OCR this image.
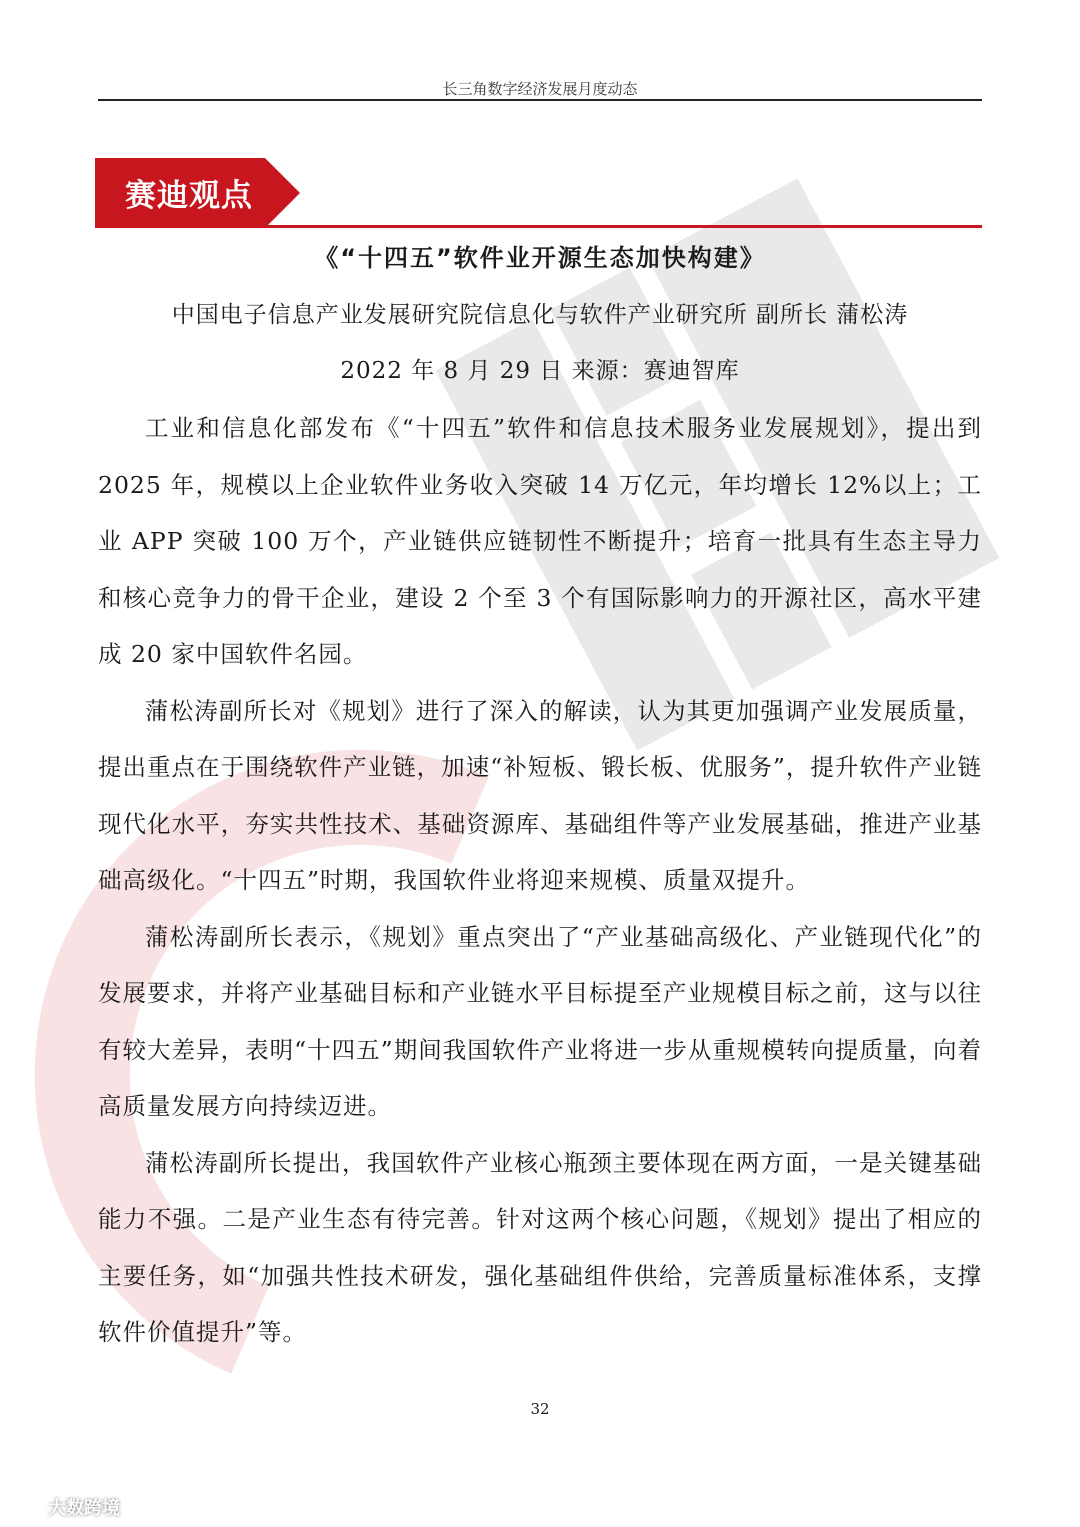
长三角数字经济发展月度动态
赛迪观点
《“十四五”软件业开源生态加快构建》
中国电子信息产业发展研究院信息化与软件产业研究所 副所长 蒲松涛
2022 年 8 月 29 日 来源：赛迪智库

工业和信息化部发布《“十四五”软件和信息技术服务业发展规划》，提出到 2025 年，规模以上企业软件业务收入突破 14 万亿元，年均增长 12%以上；工业 APP 突破 100 万个，产业链供应链韧性不断提升；培育一批具有生态主导力和核心竞争力的骨干企业，建设 2 个至 3 个有国际影响力的开源社区，高水平建成 20 家中国软件名园。

蒲松涛副所长对《规划》进行了深入的解读，认为其更加强调产业发展质量，提出重点在于围绕软件产业链，加速“补短板、锻长板、优服务”，提升软件产业链现代化水平，夯实共性技术、基础资源库、基础组件等产业发展基础，推进产业基础高级化。“十四五”时期，我国软件业将迎来规模、质量双提升。

蒲松涛副所长表示，《规划》重点突出了“产业基础高级化、产业链现代化”的发展要求，并将产业基础目标和产业链水平目标提至产业规模目标之前，这与以往有较大差异，表明“十四五”期间我国软件产业将进一步从重规模转向提质量，向着高质量发展方向持续迈进。

蒲松涛副所长提出，我国软件产业核心瓶颈主要体现在两方面，一是关键基础能力不强。二是产业生态有待完善。针对这两个核心问题，《规划》提出了相应的主要任务，如“加强共性技术研发，强化基础组件供给，完善质量标准体系，支撑软件价值提升”等。

32
大数跨境
